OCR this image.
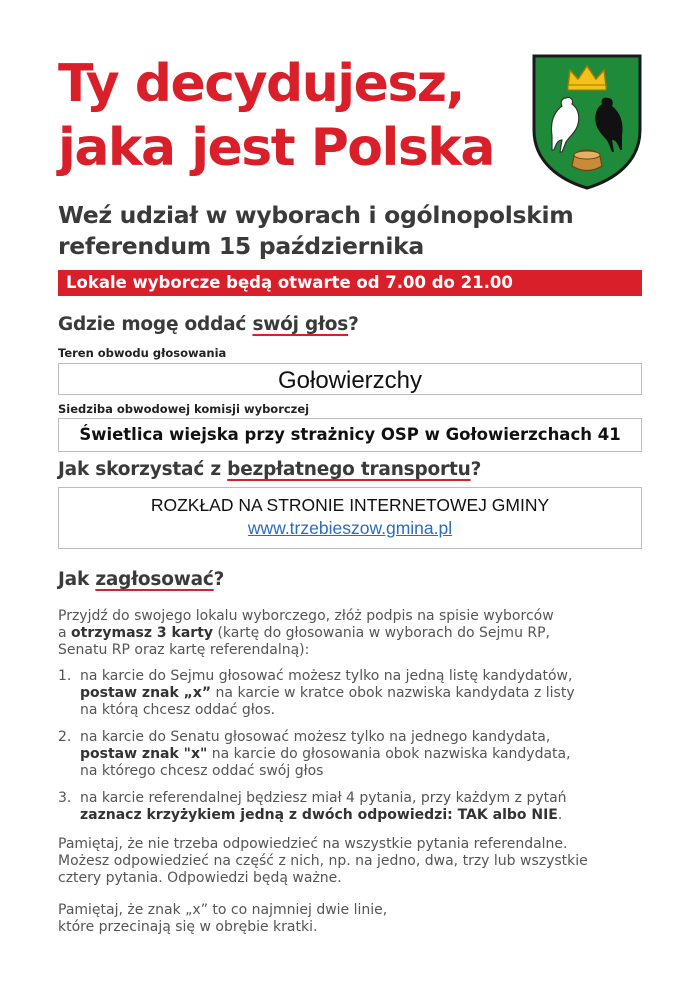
Ty decydujesz,
jaka jest Polska
Weź udział w wyborach i ogólnopolskim
referendum 15 października
Lokale wyborcze będą otwarte od 7.00 do 21.00
Gdzie mogę oddać swój głos?
Teren obwodu głosowania
Gołowierzchy
Siedziba obwodowej komisji wyborczej
Świetlica wiejska przy strażnicy OSP w Gołowierzchach 41
Jak skorzystać z bezpłatnego transportu?
ROZKŁAD NA STRONIE INTERNETOWEJ GMINY
www.trzebieszow.gmina.pl
Jak zagłosować?
Przyjdź do swojego lokalu wyborczego, złóż podpis na spisie wyborców
a otrzymasz 3 karty (kartę do głosowania w wyborach do Sejmu RP,
Senatu RP oraz kartę referendalną):
1. na karcie do Sejmu głosować możesz tylko na jedną listę kandydatów,
postaw znak „x” na karcie w kratce obok nazwiska kandydata z listy
na którą chcesz oddać głos.
2. na karcie do Senatu głosować możesz tylko na jednego kandydata,
postaw znak "x" na karcie do głosowania obok nazwiska kandydata,
na którego chcesz oddać swój głos
3. na karcie referendalnej będziesz miał 4 pytania, przy każdym z pytań
zaznacz krzyżykiem jedną z dwóch odpowiedzi: TAK albo NIE.
Pamiętaj, że nie trzeba odpowiedzieć na wszystkie pytania referendalne.
Możesz odpowiedzieć na część z nich, np. na jedno, dwa, trzy lub wszystkie
cztery pytania. Odpowiedzi będą ważne.
Pamiętaj, że znak „x” to co najmniej dwie linie,
które przecinają się w obrębie kratki.
